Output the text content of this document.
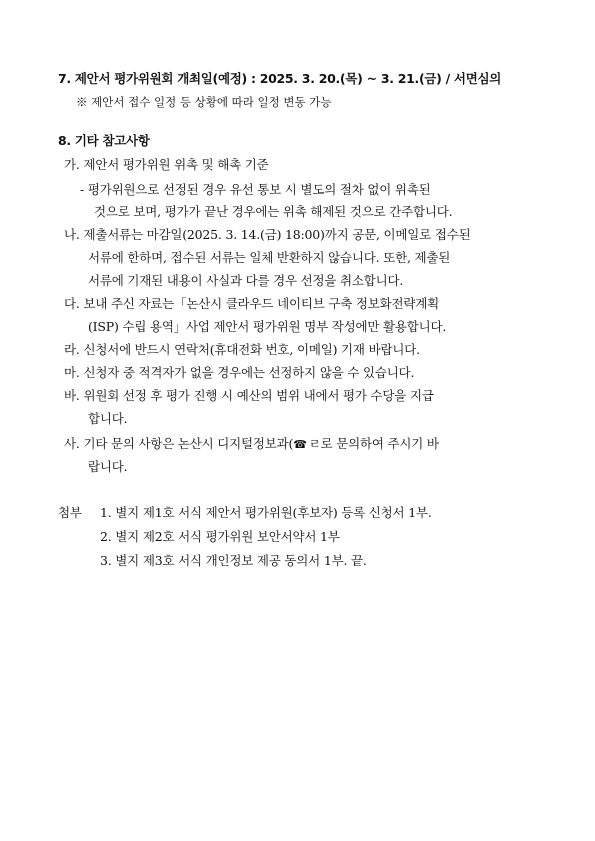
7. 제안서 평가위원회 개최일(예정) : 2025. 3. 20.(목) ~ 3. 21.(금) / 서면심의
※ 제안서 접수 일정 등 상황에 따라 일정 변동 가능
8. 기타 참고사항
가. 제안서 평가위원 위촉 및 해촉 기준
- 평가위원으로 선정된 경우 유선 통보 시 별도의 절차 없이 위촉된
것으로 보며, 평가가 끝난 경우에는 위촉 해제된 것으로 간주합니다.
나. 제출서류는 마감일(2025. 3. 14.(금) 18:00)까지 공문, 이메일로 접수된
서류에 한하며, 접수된 서류는 일체 반환하지 않습니다. 또한, 제출된
서류에 기재된 내용이 사실과 다를 경우 선정을 취소합니다.
다. 보내 주신 자료는「논산시 클라우드 네이티브 구축 정보화전략계획
(ISP) 수립 용역」사업 제안서 평가위원 명부 작성에만 활용합니다.
라. 신청서에 반드시 연락처(휴대전화 번호, 이메일) 기재 바랍니다.
마. 신청자 중 적격자가 없을 경우에는 선정하지 않을 수 있습니다.
바. 위원회 선정 후 평가 진행 시 예산의 범위 내에서 평가 수당을 지급
합니다.
사. 기타 문의 사항은 논산시 디지털정보과(☎ ㄹ로 문의하여 주시기 바
랍니다.
첨부 1. 별지 제1호 서식 제안서 평가위원(후보자) 등록 신청서 1부.
2. 별지 제2호 서식 평가위원 보안서약서 1부
3. 별지 제3호 서식 개인정보 제공 동의서 1부. 끝.
